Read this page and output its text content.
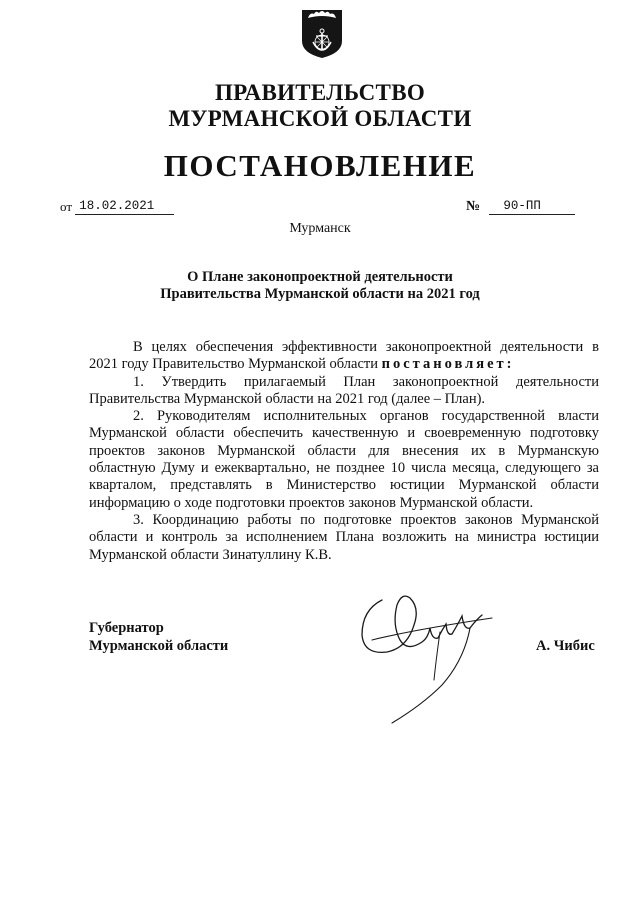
ПРАВИТЕЛЬСТВО
МУРМАНСКОЙ ОБЛАСТИ
ПОСТАНОВЛЕНИЕ
от 18.02.2021	№ 90-ПП
Мурманск
О Плане законопроектной деятельности
Правительства Мурманской области на 2021 год

В целях обеспечения эффективности законопроектной деятельности в 2021 году Правительство Мурманской области постановляет:

1. Утвердить прилагаемый План законопроектной деятельности Правительства Мурманской области на 2021 год (далее – План).

2. Руководителям исполнительных органов государственной власти Мурманской области обеспечить качественную и своевременную подготовку проектов законов Мурманской области для внесения их в Мурманскую областную Думу и ежеквартально, не позднее 10 числа месяца, следующего за кварталом, представлять в Министерство юстиции Мурманской области информацию о ходе подготовки проектов законов Мурманской области.

3. Координацию работы по подготовке проектов законов Мурманской области и контроль за исполнением Плана возложить на министра юстиции Мурманской области Зинатуллину К.В.

Губернатор
Мурманской области	А. Чибис
